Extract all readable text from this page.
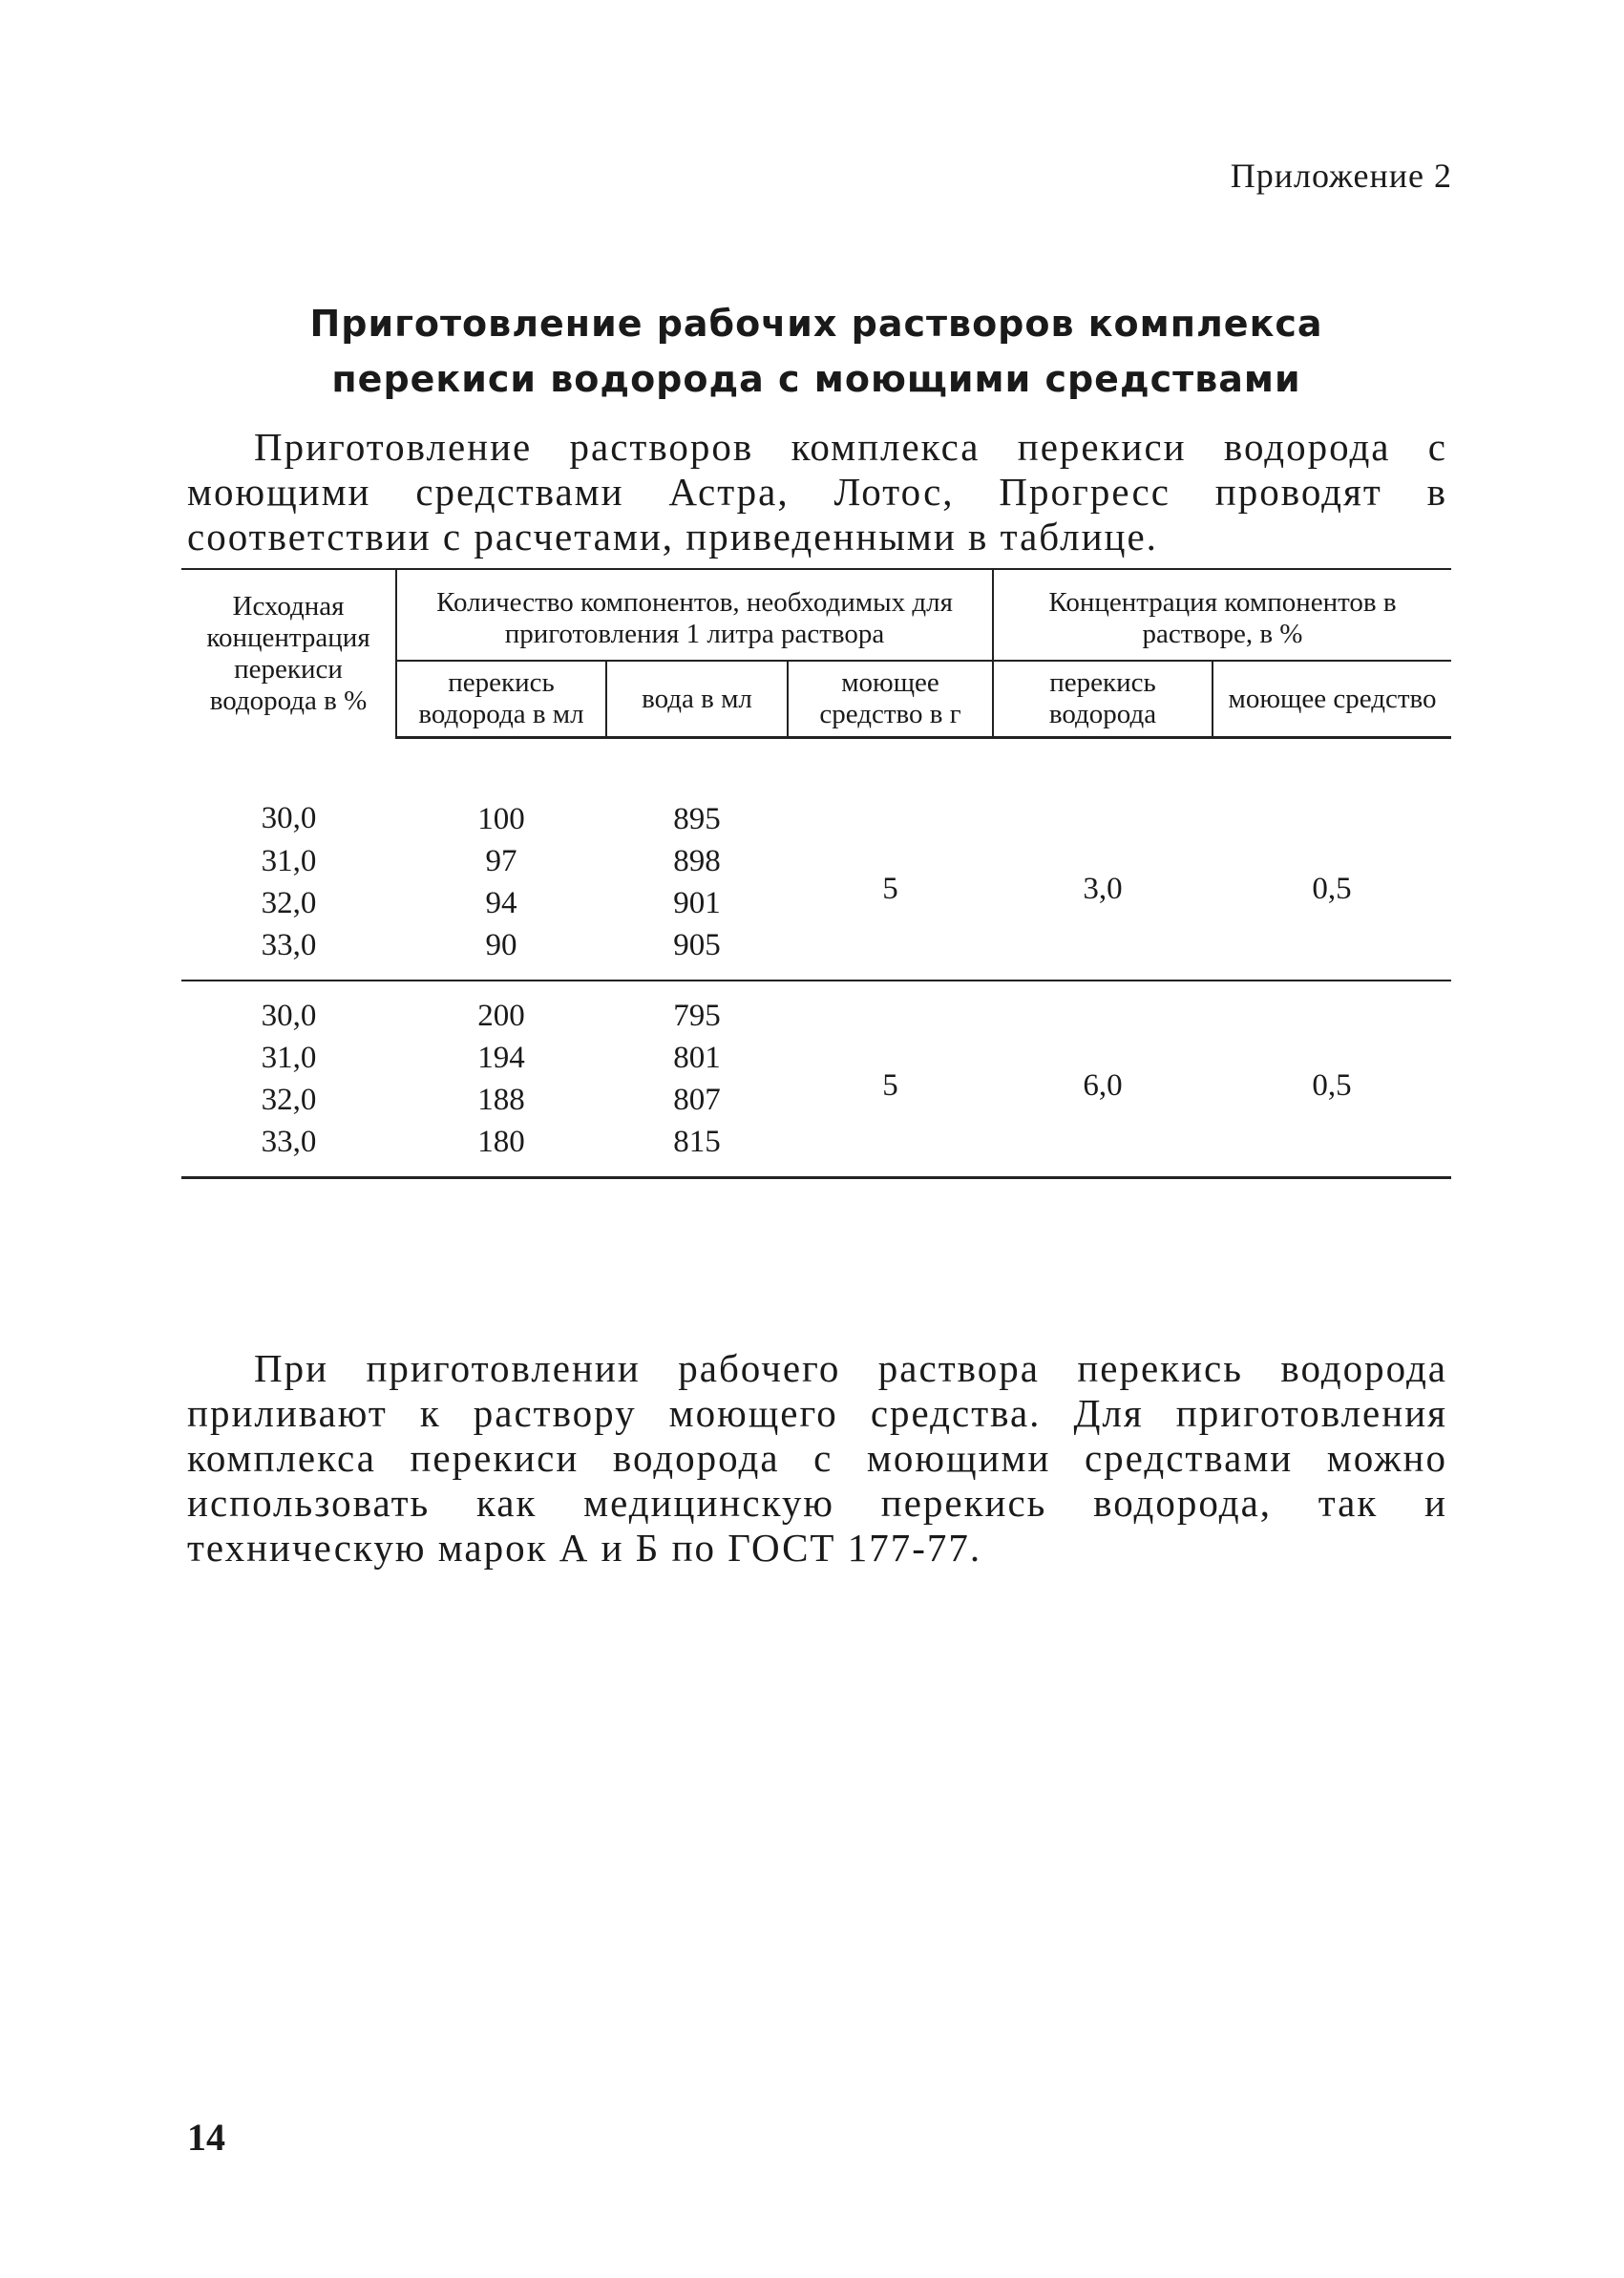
Приложение 2
Приготовление рабочих растворов комплекса
перекиси водорода с моющими средствами

Приготовление растворов комплекса перекиси водорода с моющими средствами Астра, Лотос, Прогресс проводят в соответствии с расчетами, приведенными в таблице.

Исходная концентрация перекиси водорода в %	Количество компонентов, необходимых для приготовления 1 литра раствора			Концентрация компонентов в растворе, в %	
	перекись водорода в мл	вода в мл	моющее средство в г	перекись водорода	моющее средство
30,0	100	895	5	3,0	0,5
31,0	97	898			
32,0	94	901			
33,0	90	905			
30,0	200	795	5	6,0	0,5
31,0	194	801			
32,0	188	807			
33,0	180	815			

При приготовлении рабочего раствора перекись водорода приливают к раствору моющего средства. Для приготовления комплекса перекиси водорода с моющими средствами можно использовать как медицинскую перекись водорода, так и техническую марок А и Б по ГОСТ 177-77.

14
